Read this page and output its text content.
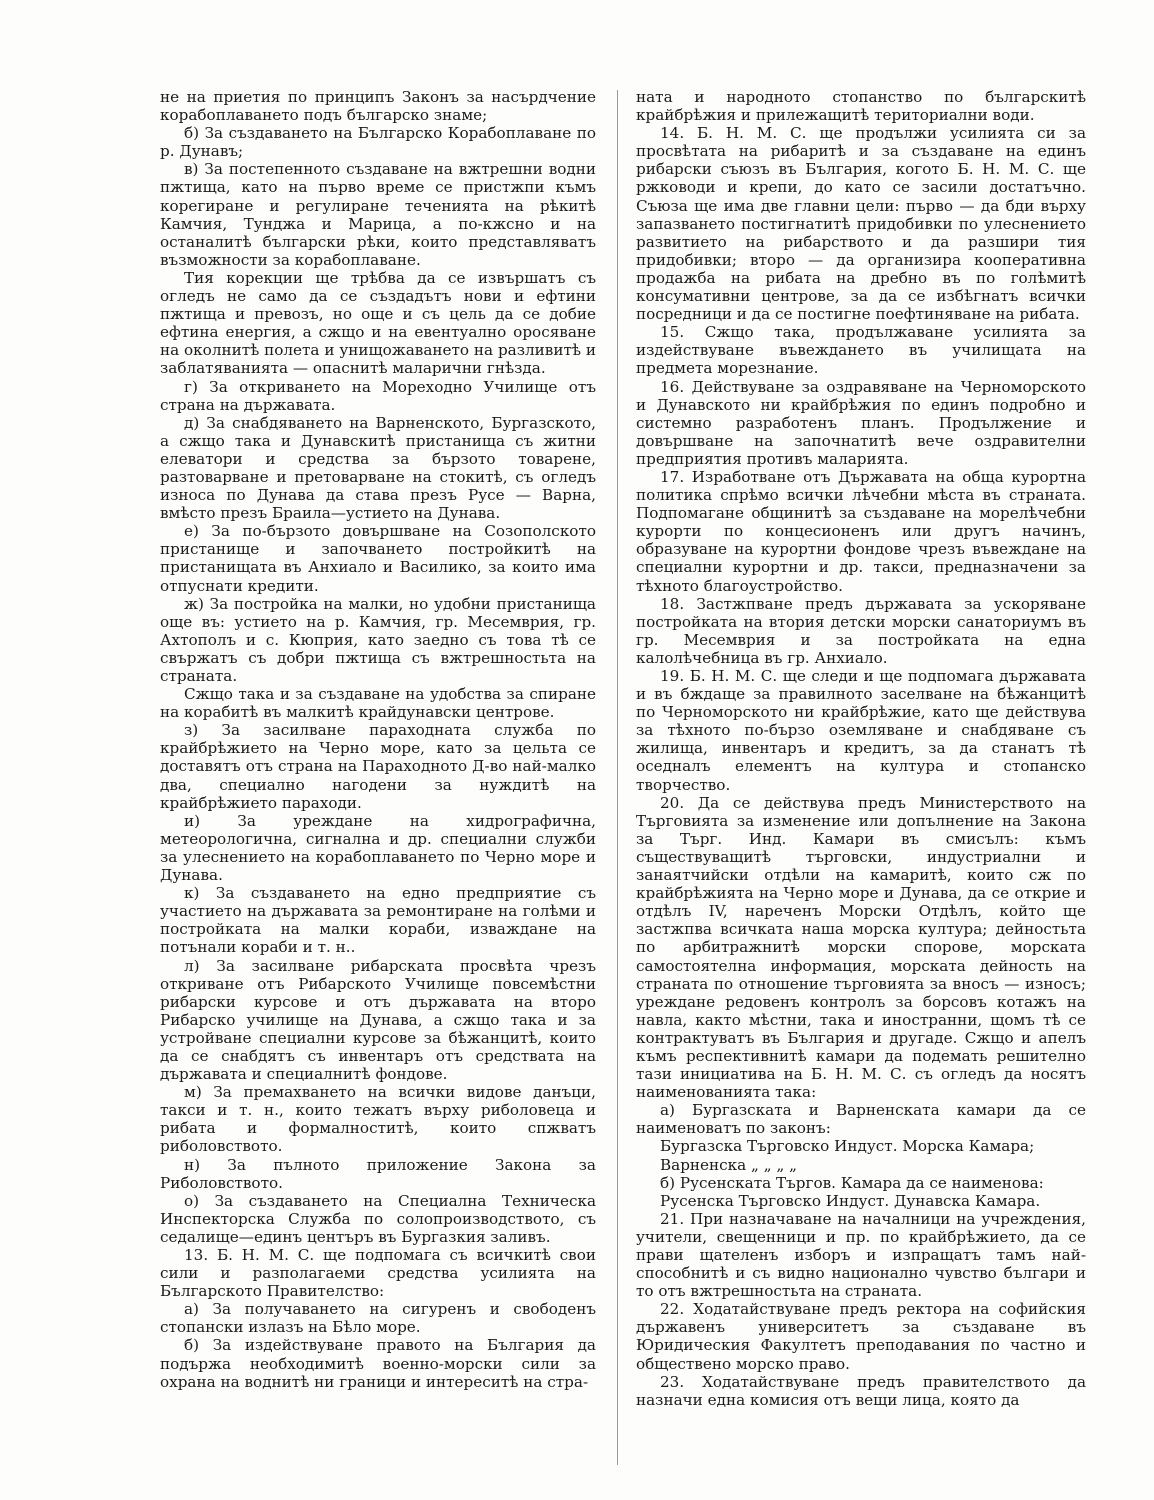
не на приетия по принципъ Законъ за насърдчение корабоплаването подъ българско знаме;

б) За създаването на Българско Корабоплаване по р. Дунавъ;

в) За постепенното създаване на вжтрешни водни пжтища, като на първо време се пристжпи къмъ корегиране и регулиране теченията на рѣкитѣ Камчия, Тунджа и Марица, а по-кжсно и на останалитѣ български рѣки, които представляватъ възможности за корабоплаване.

Тия корекции ще трѣбва да се извършатъ съ огледъ не само да се създадътъ нови и ефтини пжтища и превозъ, но още и съ цель да се добие ефтина енергия, а сжщо и на евентуално оросяване на околнитѣ полета и унищожаването на разливитѣ и заблатяванията — опаснитѣ маларични гнѣзда.

г) За откриването на Мореходно Училище отъ страна на държавата.

д) За снабдяването на Варненското, Бургазското, а сжщо така и Дунавскитѣ пристанища съ житни елеватори и средства за бързото товарене, разтоварване и претоварване на стокитѣ, съ огледъ износа по Дунава да става презъ Русе — Варна, вмѣсто презъ Браила—устието на Дунава.

е) За по-бързото довършване на Созополското пристанище и започването постройкитѣ на пристанищата въ Анхиало и Василико, за които има отпуснати кредити.

ж) За постройка на малки, но удобни пристанища още въ: устието на р. Камчия, гр. Месемврия, гр. Ахтополъ и с. Кюприя, като заедно съ това тѣ се свържатъ съ добри пжтища съ вжтрешностьта на страната.

Сжщо така и за създаване на удобства за спиране на корабитѣ въ малкитѣ крайдунавски центрове.

з) За засилване параходната служба по крайбрѣжието на Черно море, като за цельта се доставятъ отъ страна на Параходното Д-во най-малко два, специално нагодени за нуждитѣ на крайбрѣжието параходи.

и) За уреждане на хидрографична, метеорологична, сигнална и др. специални служби за улеснението на корабоплаването по Черно море и Дунава.

к) За създаването на едно предприятие съ участието на държавата за ремонтиране на голѣми и постройката на малки кораби, изваждане на потънали кораби и т. н..

л) За засилване рибарската просвѣта чрезъ откриване отъ Рибарското Училище повсемѣстни рибарски курсове и отъ държавата на второ Рибарско училище на Дунава, а сжщо така и за устройване специални курсове за бѣжанцитѣ, които да се снабдятъ съ инвентаръ отъ средствата на държавата и специалнитѣ фондове.

м) За премахването на всички видове данъци, такси и т. н., които тежатъ върху риболовеца и рибата и формалноститѣ, които спжватъ риболовството.

н) За пълното приложение Закона за Риболовството.

о) За създаването на Специална Техническа Инспекторска Служба по солопроизводството, съ седалище—единъ центъръ въ Бургазкия заливъ.

13. Б. Н. М. С. ще подпомага съ всичкитѣ свои сили и разполагаеми средства усилията на Българското Правителство:

а) За получаването на сигуренъ и свободенъ стопански излазъ на Бѣло море.

б) За издействуване правото на България да подържа необходимитѣ военно-морски сили за охрана на воднитѣ ни граници и интереситѣ на стра-

ната и народното стопанство по българскитѣ крайбрѣжия и прилежащитѣ териториални води.

14. Б. Н. М. С. ще продължи усилията си за просвѣтата на рибаритѣ и за създаване на единъ рибарски съюзъ въ България, когото Б. Н. М. С. ще ржководи и крепи, до като се засили достатъчно. Съюза ще има две главни цели: първо — да бди върху запазването постигнатитѣ придобивки по улеснението развитието на рибарството и да разшири тия придобивки; второ — да организира кооперативна продажба на рибата на дребно въ по голѣмитѣ консумативни центрове, за да се избѣгнатъ всички посредници и да се постигне поефтиняване на рибата.

15. Сжщо така, продължаване усилията за издействуване въвеждането въ училищата на предмета морезнание.

16. Действуване за оздравяване на Черноморското и Дунавското ни крайбрѣжия по единъ подробно и системно разработенъ планъ. Продължение и довършване на започнатитѣ вече оздравителни предприятия противъ маларията.

17. Изработване отъ Държавата на обща курортна политика спрѣмо всички лѣчебни мѣста въ страната. Подпомагане общинитѣ за създаване на морелѣчебни курорти по концесионенъ или другъ начинъ, образуване на курортни фондове чрезъ въвеждане на специални курортни и др. такси, предназначени за тѣхното благоустройство.

18. Застжпване предъ държавата за ускоряване постройката на втория детски морски санаториумъ въ гр. Месемврия и за постройката на една калолѣчебница въ гр. Анхиало.

19. Б. Н. М. С. ще следи и ще подпомага държавата и въ бждаще за правилното заселване на бѣжанцитѣ по Черноморското ни крайбрѣжие, като ще действува за тѣхното по-бързо оземляване и снабдяване съ жилища, инвентаръ и кредитъ, за да станатъ тѣ оседналъ елементъ на култура и стопанско творчество.

20. Да се действува предъ Министерството на Търговията за изменение или допълнение на Закона за Търг. Инд. Камари въ смисълъ: къмъ съществуващитѣ търговски, индустриални и занаятчийски отдѣли на камаритѣ, които сж по крайбрѣжията на Черно море и Дунава, да се открие и отдѣлъ IV, нареченъ Морски Отдѣлъ, който ще застжпва всичката наша морска култура; дейностьта по арбитражнитѣ морски спорове, морската самостоятелна информация, морската дейность на страната по отношение търговията за вносъ — износъ; уреждане редовенъ контролъ за борсовъ котажъ на навла, както мѣстни, така и иностранни, щомъ тѣ се контрактуватъ въ България и другаде. Сжщо и апелъ къмъ респективнитѣ камари да подемать решително тази инициатива на Б. Н. М. С. съ огледъ да носятъ наименованията така:

а) Бургазската и Варненската камари да се наименоватъ по законъ:

Бургазска Търговско Индуст. Морска Камара;

Варненска „ „ „ „

б) Русенската Търгов. Камара да се наименова:

Русенска Търговско Индуст. Дунавска Камара.

21. При назначаване на началници на учреждения, учители, свещенници и пр. по крайбрѣжието, да се прави щателенъ изборъ и изпращатъ тамъ най-способнитѣ и съ видно национално чувство българи и то отъ вжтрешностьта на страната.

22. Ходатайствуване предъ ректора на софийския държавенъ университетъ за създаване въ Юридическия Факултетъ преподавания по частно и обществено морско право.

23. Ходатайствуване предъ правителството да назначи една комисия отъ вещи лица, която да
